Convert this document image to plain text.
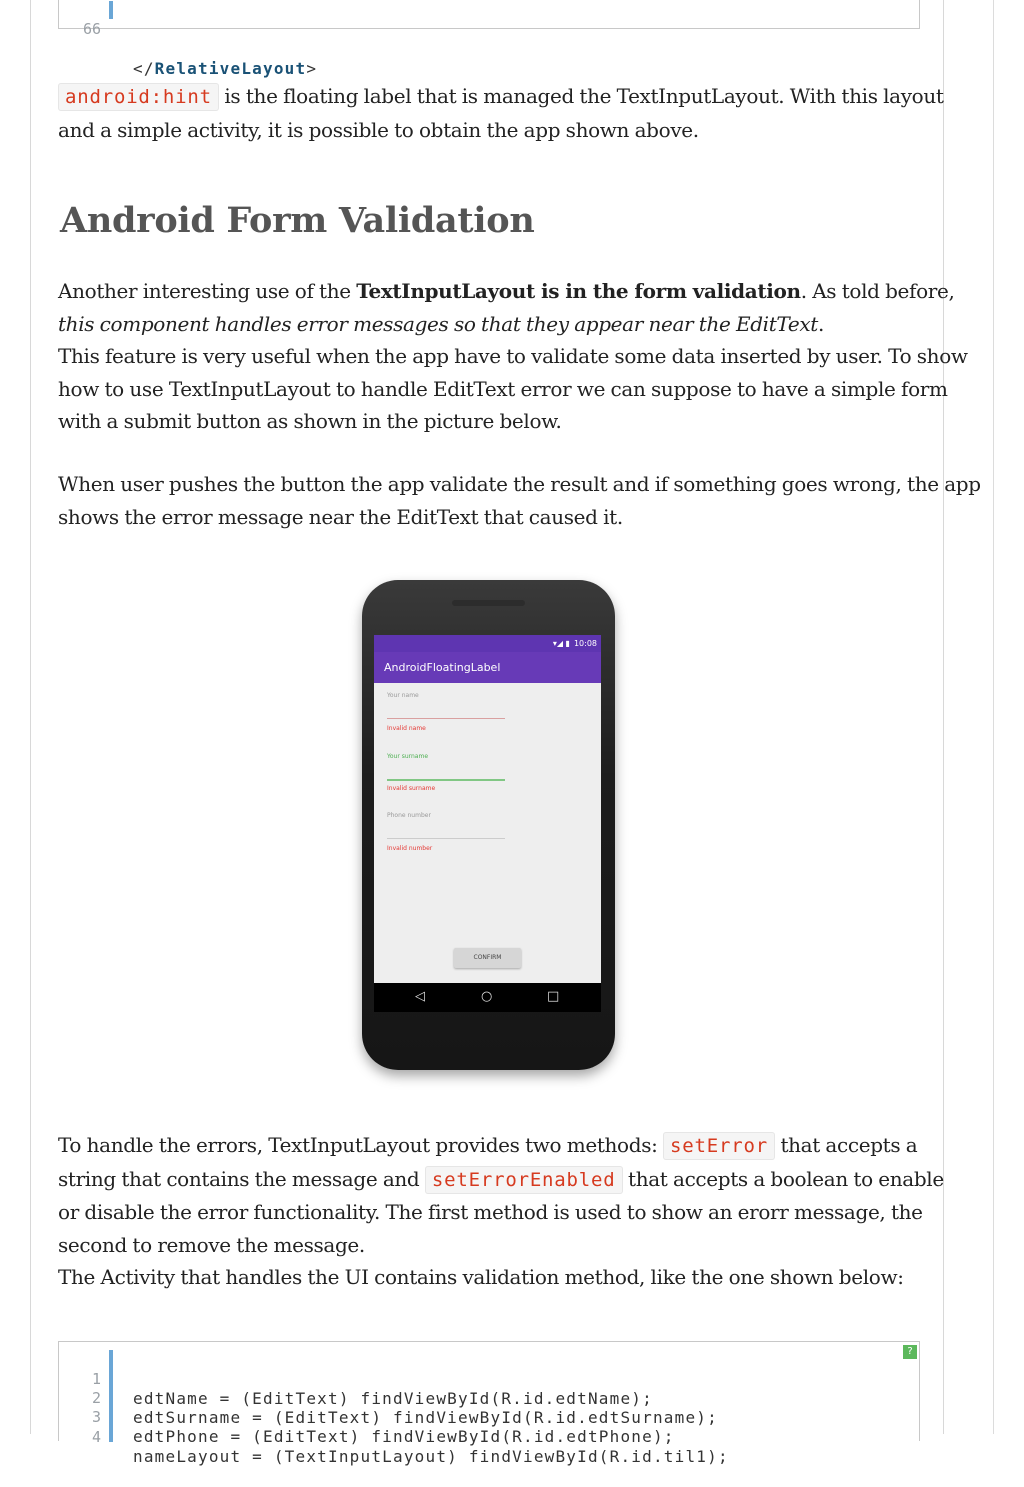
66

</RelativeLayout>

android:hint is the floating label that is managed the TextInputLayout. With this layout
and a simple activity, it is possible to obtain the app shown above.
Android Form Validation
Another interesting use of the TextInputLayout is in the form validation. As told before,
this component handles error messages so that they appear near the EditText.
This feature is very useful when the app have to validate some data inserted by user. To show
how to use TextInputLayout to handle EditText error we can suppose to have a simple form
with a submit button as shown in the picture below.
When user pushes the button the app validate the result and if something goes wrong, the app
shows the error message near the EditText that caused it.
▾◢ ▮ 10:08
AndroidFloatingLabel
Your name
Invalid name
Your surname
Invalid surname
Phone number
Invalid number
CONFIRM
◁	○	□
To handle the errors, TextInputLayout provides two methods: setError that accepts a
string that contains the message and setErrorEnabled that accepts a boolean to enable
or disable the error functionality. The first method is used to show an erorr message, the
second to remove the message.
The Activity that handles the UI contains validation method, like the one shown below:
?

1

edtName = (EditText) findViewById(R.id.edtName);

2

edtSurname = (EditText) findViewById(R.id.edtSurname);

3

edtPhone = (EditText) findViewById(R.id.edtPhone);

4

nameLayout = (TextInputLayout) findViewById(R.id.til1);
